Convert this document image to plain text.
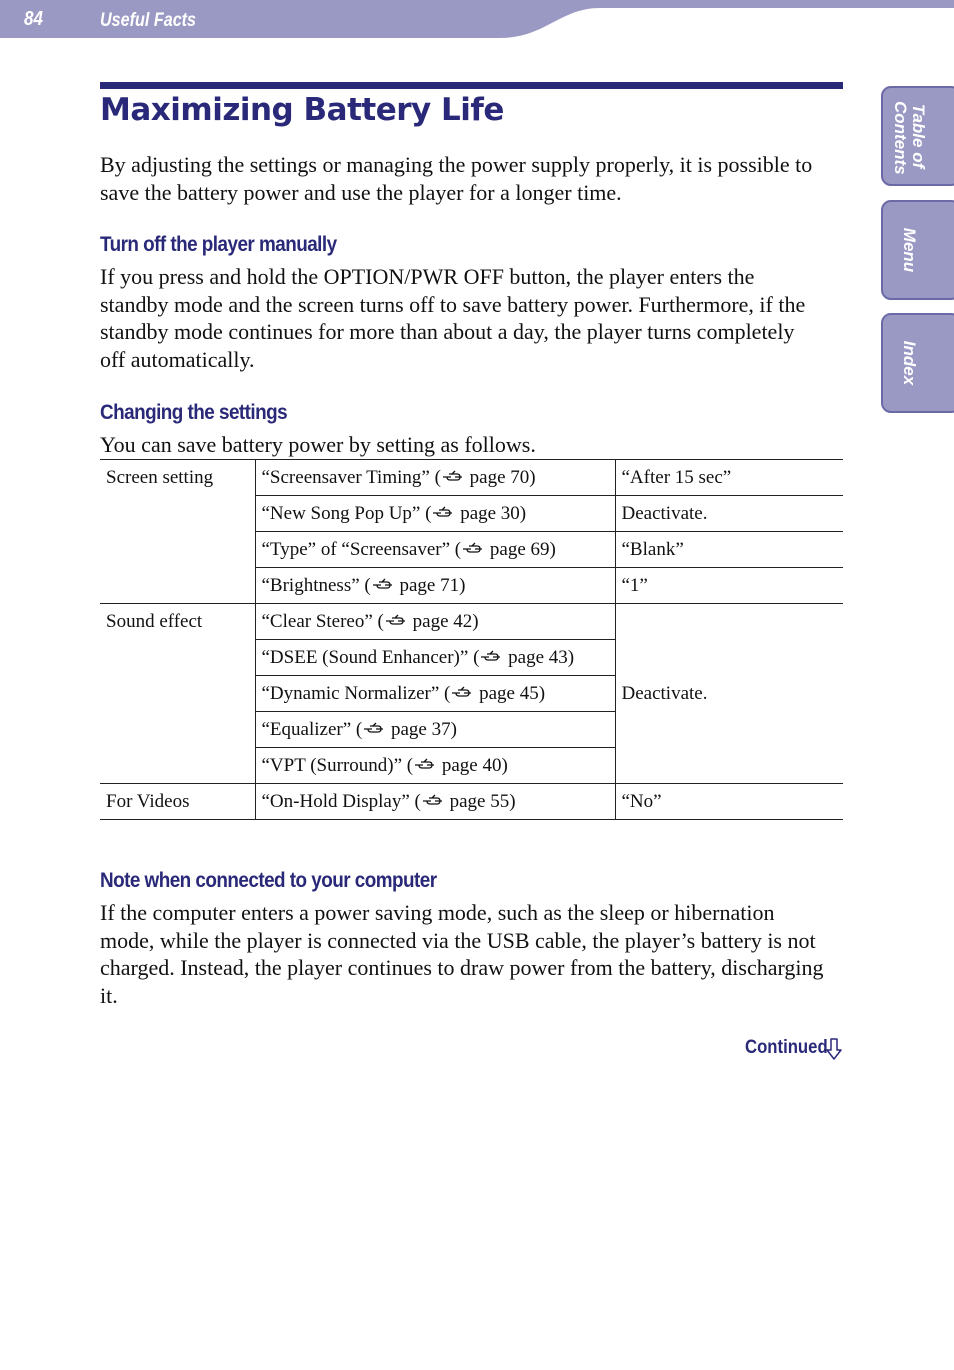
84	Useful Facts
Table of Contents
Menu
Index
Maximizing Battery Life

By adjusting the settings or managing the power supply properly, it is possible to save the battery power and use the player for a longer time.

Turn off the player manually

If you press and hold the OPTION/PWR OFF button, the player enters the standby mode and the screen turns off to save battery power. Furthermore, if the standby mode continues for more than about a day, the player turns completely off automatically.

Changing the settings

You can save battery power by setting as follows.

Screen setting	“Screensaver Timing” ( page 70)	“After 15 sec”
	“New Song Pop Up” ( page 30)	Deactivate.
	“Type” of “Screensaver” ( page 69)	“Blank”
	“Brightness” ( page 71)	“1”
Sound effect	“Clear Stereo” ( page 42)	Deactivate.
	“DSEE (Sound Enhancer)” ( page 43)	
	“Dynamic Normalizer” ( page 45)	
	“Equalizer” ( page 37)	
	“VPT (Surround)” ( page 40)	
For Videos	“On-Hold Display” ( page 55)	“No”
Note when connected to your computer

If the computer enters a power saving mode, such as the sleep or hibernation mode, while the player is connected via the USB cable, the player’s battery is not charged. Instead, the player continues to draw power from the battery, discharging it.

Continued
